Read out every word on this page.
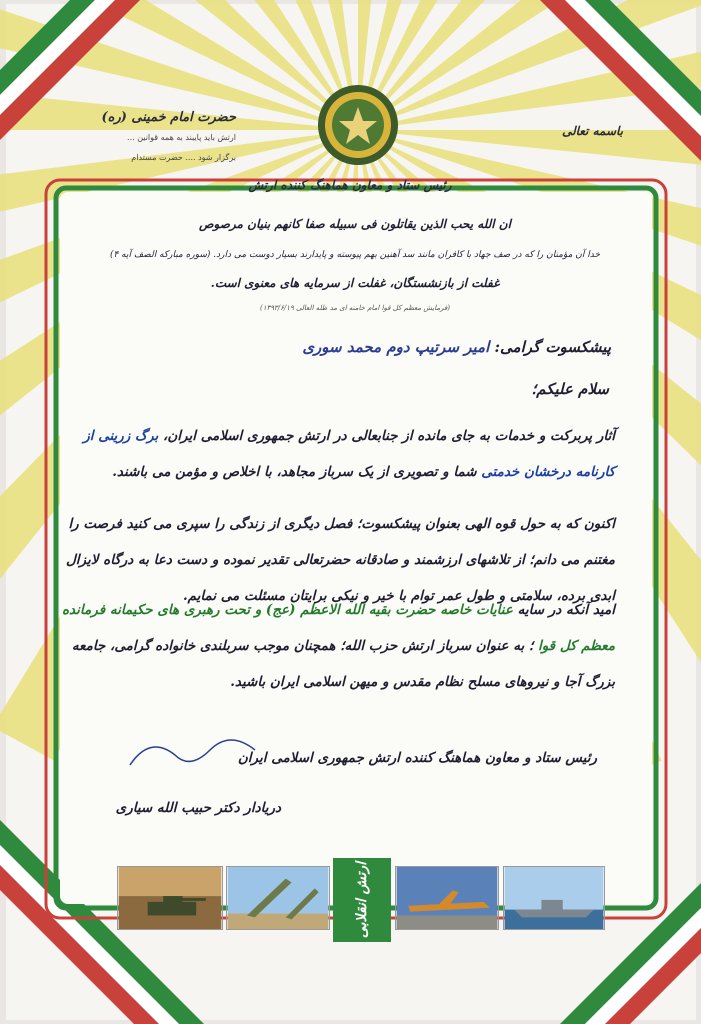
حضرت امام خمینی (ره)
ارتش باید پایبند به همه قوانین ...
برگزار شود .... حضرت مستدام
باسمه تعالی
رئیس ستاد و معاون هماهنگ کننده ارتش
ان الله یحب الذین یقاتلون فی سبیله صفا کانهم بنیان مرصوص
خدا آن مؤمنان را که در صف جهاد با کافران مانند سد آهنین بهم پیوسته و پایدارند بسیار دوست می دارد. (سوره مبارکه الصف آیه ۴)
غفلت از بازنشستگان، غفلت از سرمایه های معنوی است.
(فرمایش معظم کل قوا امام خامنه ای مد ظله العالی ۱۳۹۳/۶/۱۹)
پیشکسوت گرامی: امیر سرتیپ دوم محمد سوری
سلام علیکم؛
آثار پربرکت و خدمات به جای مانده از جنابعالی در ارتش جمهوری اسلامی ایران، برگ زرینی از کارنامه درخشان خدمتی شما و تصویری از یک سرباز مجاهد، با اخلاص و مؤمن می باشند.
اکنون که به حول قوه الهی بعنوان پیشکسوت؛ فصل دیگری از زندگی را سپری می کنید فرصت را مغتنم می دانم؛ از تلاشهای ارزشمند و صادقانه حضرتعالی تقدیر نموده و دست دعا به درگاه لایزال ابدی برده، سلامتی و طول عمر توام با خیر و نیکی برایتان مسئلت می نمایم.
امید آنکه در سایه عنایات خاصه حضرت بقیه الله الاعظم (عج) و تحت رهبری های حکیمانه فرمانده معظم کل قوا ؛ به عنوان سرباز ارتش حزب الله؛ همچنان موجب سربلندی خانواده گرامی، جامعه بزرگ آجا و نیروهای مسلح نظام مقدس و میهن اسلامی ایران باشید.
رئیس ستاد و معاون هماهنگ کننده ارتش جمهوری اسلامی ایران
دریادار دکتر حبیب الله سیاری
ارتش انقلابی
